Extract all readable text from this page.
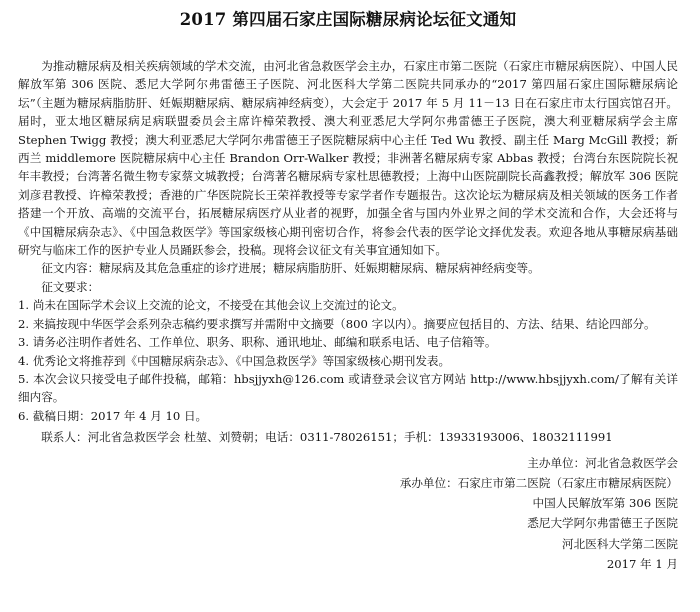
2017 第四届石家庄国际糖尿病论坛征文通知

为推动糖尿病及相关疾病领域的学术交流，由河北省急救医学会主办，石家庄市第二医院（石家庄市糖尿病医院）、中国人民解放军第 306 医院、悉尼大学阿尔弗雷德王子医院、河北医科大学第二医院共同承办的“2017 第四届石家庄国际糖尿病论坛”（主题为糖尿病脂肪肝、妊娠期糖尿病、糖尿病神经病变），大会定于 2017 年 5 月 11－13 日在石家庄市太行国宾馆召开。届时，亚太地区糖尿病足病联盟委员会主席许樟荣教授、澳大利亚悉尼大学阿尔弗雷德王子医院，澳大利亚糖尿病学会主席 Stephen Twigg 教授；澳大利亚悉尼大学阿尔弗雷德王子医院糖尿病中心主任 Ted Wu 教授、副主任 Marg McGill 教授；新西兰 middlemore 医院糖尿病中心主任 Brandon Orr-Walker 教授；非洲著名糖尿病专家 Abbas 教授；台湾台东医院院长祝年丰教授；台湾著名微生物专家蔡文城教授；台湾著名糖尿病专家杜思德教授；上海中山医院副院长高鑫教授；解放军 306 医院刘彦君教授、许樟荣教授；香港的广华医院院长王荣祥教授等专家学者作专题报告。这次论坛为糖尿病及相关领域的医务工作者搭建一个开放、高端的交流平台，拓展糖尿病医疗从业者的视野，加强全省与国内外业界之间的学术交流和合作，大会还将与《中国糖尿病杂志》、《中国急救医学》等国家级核心期刊密切合作，将参会代表的医学论文择优发表。欢迎各地从事糖尿病基础研究与临床工作的医护专业人员踊跃参会，投稿。现将会议征文有关事宜通知如下。

征文内容：糖尿病及其危急重症的诊疗进展；糖尿病脂肪肝、妊娠期糖尿病、糖尿病神经病变等。

征文要求：

1. 尚未在国际学术会议上交流的论文，不接受在其他会议上交流过的论文。

2. 来搞按现中华医学会系列杂志稿约要求撰写并需附中文摘要（800 字以内）。摘要应包括目的、方法、结果、结论四部分。

3. 请务必注明作者姓名、工作单位、职务、职称、通讯地址、邮编和联系电话、电子信箱等。

4. 优秀论文将推荐到《中国糖尿病杂志》、《中国急救医学》等国家级核心期刊发表。

5. 本次会议只接受电子邮件投稿，邮箱：hbsjjyxh@126.com 或请登录会议官方网站 http://www.hbsjjyxh.com/了解有关详细内容。

6. 截稿日期：2017 年 4 月 10 日。

联系人：河北省急救医学会 杜堃、刘赞朝；电话：0311-78026151；手机：13933193006、18032111991

主办单位：河北省急救医学会

承办单位：石家庄市第二医院（石家庄市糖尿病医院）

中国人民解放军第 306 医院

悉尼大学阿尔弗雷德王子医院

河北医科大学第二医院

2017 年 1 月
